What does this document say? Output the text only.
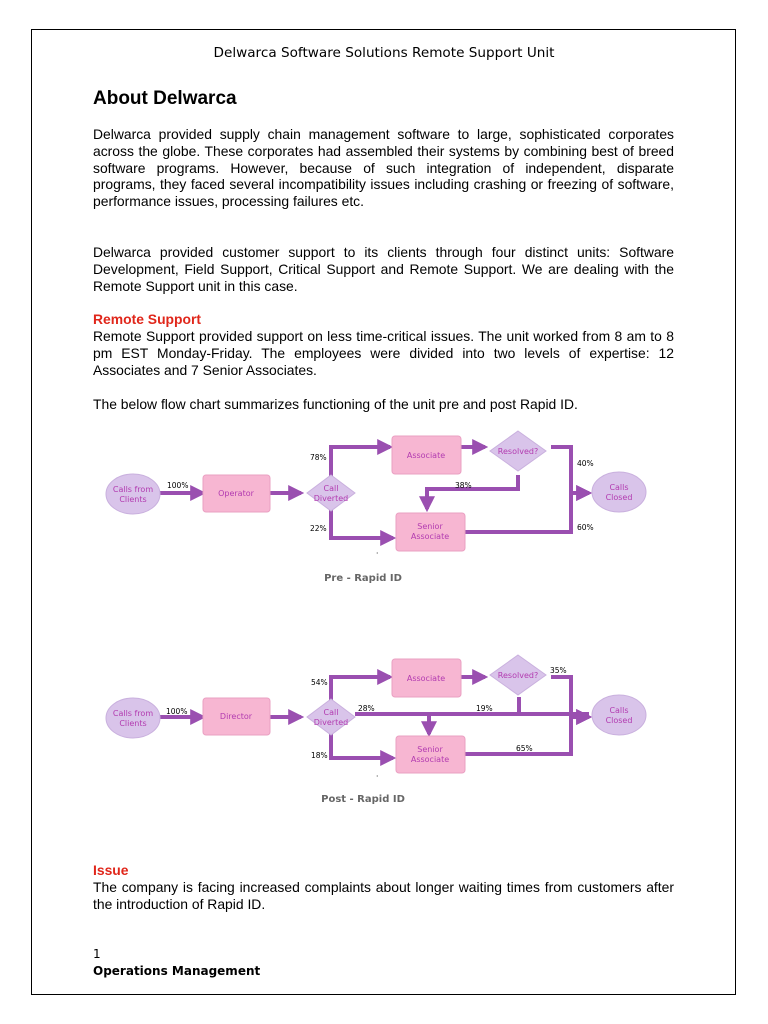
Delwarca Software Solutions Remote Support Unit
About Delwarca
Delwarca provided supply chain management software to large, sophisticated corporates across the globe. These corporates had assembled their systems by combining best of breed software programs. However, because of such integration of independent, disparate programs, they faced several incompatibility issues including crashing or freezing of software, performance issues, processing failures etc.
Delwarca provided customer support to its clients through four distinct units: Software Development, Field Support, Critical Support and Remote Support. We are dealing with the Remote Support unit in this case.
Remote Support
Remote Support provided support on less time-critical issues. The unit worked from 8 am to 8 pm EST Monday-Friday. The employees were divided into two levels of expertise: 12 Associates and 7 Senior Associates.
The below flow chart summarizes functioning of the unit pre and post Rapid ID.
Calls from
Clients
Operator
Call
Diverted
Associate	Resolved?
Senior
Associate
Calls
Closed
100%
78%
22%
38%
40%
60%
·
Pre - Rapid ID
Calls from
Clients
Director	Call
Diverted
Associate	Resolved?
Senior
Associate
Calls
Closed
100%
54%
28%
18%
19%
35%
65%
·
Post - Rapid ID
Issue
The company is facing increased complaints about longer waiting times from customers after the introduction of Rapid ID.
1
Operations Management
